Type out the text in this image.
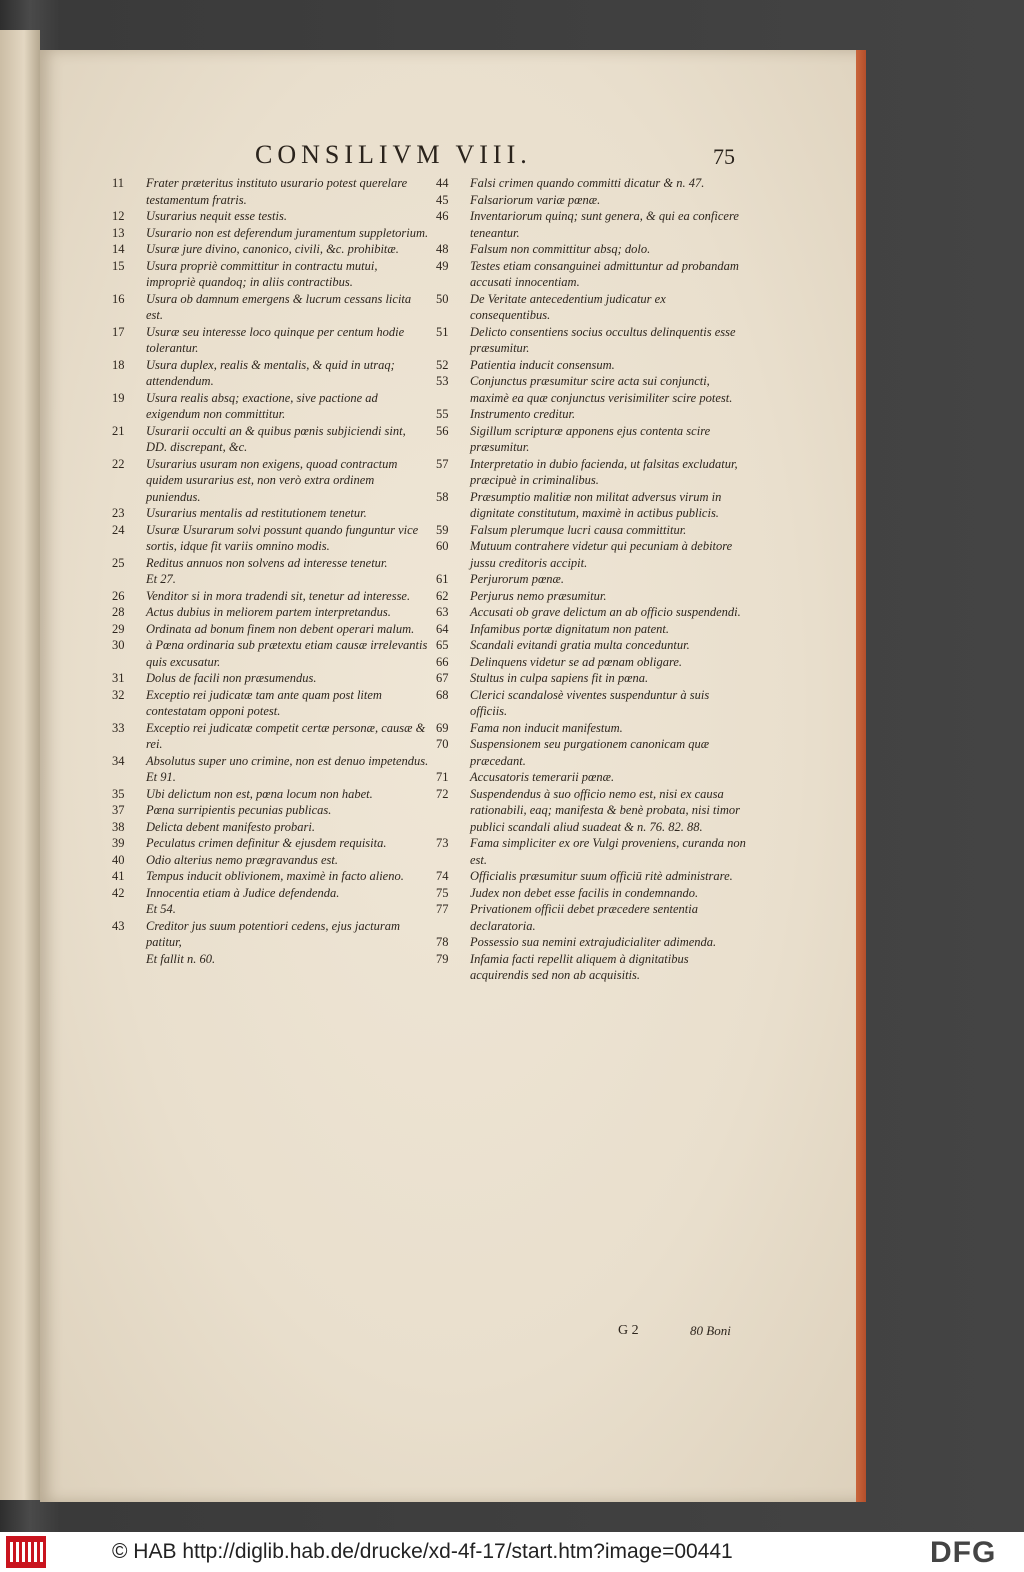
CONSILIVM VIII.	75
11	Frater præteritus instituto usurario potest querelare testamentum fratris.
12	Usurarius nequit esse testis.
13	Usurario non est deferendum juramentum suppletorium.
14	Usuræ jure divino, canonico, civili, &c. prohibitæ.
15	Usura propriè committitur in contractu mutui, impropriè quandoq; in aliis contractibus.
16	Usura ob damnum emergens & lucrum cessans licita est.
17	Usuræ seu interesse loco quinque per centum hodie tolerantur.
18	Usura duplex, realis & mentalis, & quid in utraq; attendendum.
19	Usura realis absq; exactione, sive pactione ad exigendum non committitur.
21	Usurarii occulti an & quibus pœnis subjiciendi sint, DD. discrepant, &c.
22	Usurarius usuram non exigens, quoad contractum quidem usurarius est, non verò extra ordinem puniendus.
23	Usurarius mentalis ad restitutionem tenetur.
24	Usuræ Usurarum solvi possunt quando funguntur vice sortis, idque fit variis omnino modis.
25	Reditus annuos non solvens ad interesse tenetur.
Et 27.
26	Venditor si in mora tradendi sit, tenetur ad interesse.
28	Actus dubius in meliorem partem interpretandus.
29	Ordinata ad bonum finem non debent operari malum.
30	à Pœna ordinaria sub prætextu etiam causæ irrelevantis quis excusatur.
31	Dolus de facili non præsumendus.
32	Exceptio rei judicatæ tam ante quam post litem contestatam opponi potest.
33	Exceptio rei judicatæ competit certæ personæ, causæ & rei.
34	Absolutus super uno crimine, non est denuo impetendus.
Et 91.
35	Ubi delictum non est, pœna locum non habet.
37	Pœna surripientis pecunias publicas.
38	Delicta debent manifesto probari.
39	Peculatus crimen definitur & ejusdem requisita.
40	Odio alterius nemo prægravandus est.
41	Tempus inducit oblivionem, maximè in facto alieno.
42	Innocentia etiam à Judice defendenda.
Et 54.
43	Creditor jus suum potentiori cedens, ejus jacturam patitur,
Et fallit n. 60.
44	Falsi crimen quando committi dicatur & n. 47.
45	Falsariorum variæ pœnæ.
46	Inventariorum quinq; sunt genera, & qui ea conficere teneantur.
48	Falsum non committitur absq; dolo.
49	Testes etiam consanguinei admittuntur ad probandam accusati innocentiam.
50	De Veritate antecedentium judicatur ex consequentibus.
51	Delicto consentiens socius occultus delinquentis esse præsumitur.
52	Patientia inducit consensum.
53	Conjunctus præsumitur scire acta sui conjuncti, maximè ea quæ conjunctus verisimiliter scire potest.
55	Instrumento creditur.
56	Sigillum scripturæ apponens ejus contenta scire præsumitur.
57	Interpretatio in dubio facienda, ut falsitas excludatur, præcipuè in criminalibus.
58	Præsumptio malitiæ non militat adversus virum in dignitate constitutum, maximè in actibus publicis.
59	Falsum plerumque lucri causa committitur.
60	Mutuum contrahere videtur qui pecuniam à debitore jussu creditoris accipit.
61	Perjurorum pœnæ.
62	Perjurus nemo præsumitur.
63	Accusati ob grave delictum an ab officio suspendendi.
64	Infamibus portæ dignitatum non patent.
65	Scandali evitandi gratia multa conceduntur.
66	Delinquens videtur se ad pœnam obligare.
67	Stultus in culpa sapiens fit in pœna.
68	Clerici scandalosè viventes suspenduntur à suis officiis.
69	Fama non inducit manifestum.
70	Suspensionem seu purgationem canonicam quæ præcedant.
71	Accusatoris temerarii pœnæ.
72	Suspendendus à suo officio nemo est, nisi ex causa rationabili, eaq; manifesta & benè probata, nisi timor publici scandali aliud suadeat & n. 76. 82. 88.
73	Fama simpliciter ex ore Vulgi proveniens, curanda non est.
74	Officialis præsumitur suum officiū ritè administrare.
75	Judex non debet esse facilis in condemnando.
77	Privationem officii debet præcedere sententia declaratoria.
78	Possessio sua nemini extrajudicialiter adimenda.
79	Infamia facti repellit aliquem à dignitatibus acquirendis sed non ab acquisitis.
G 2	80 Boni
© HAB http://diglib.hab.de/drucke/xd-4f-17/start.htm?image=00441	DFG
